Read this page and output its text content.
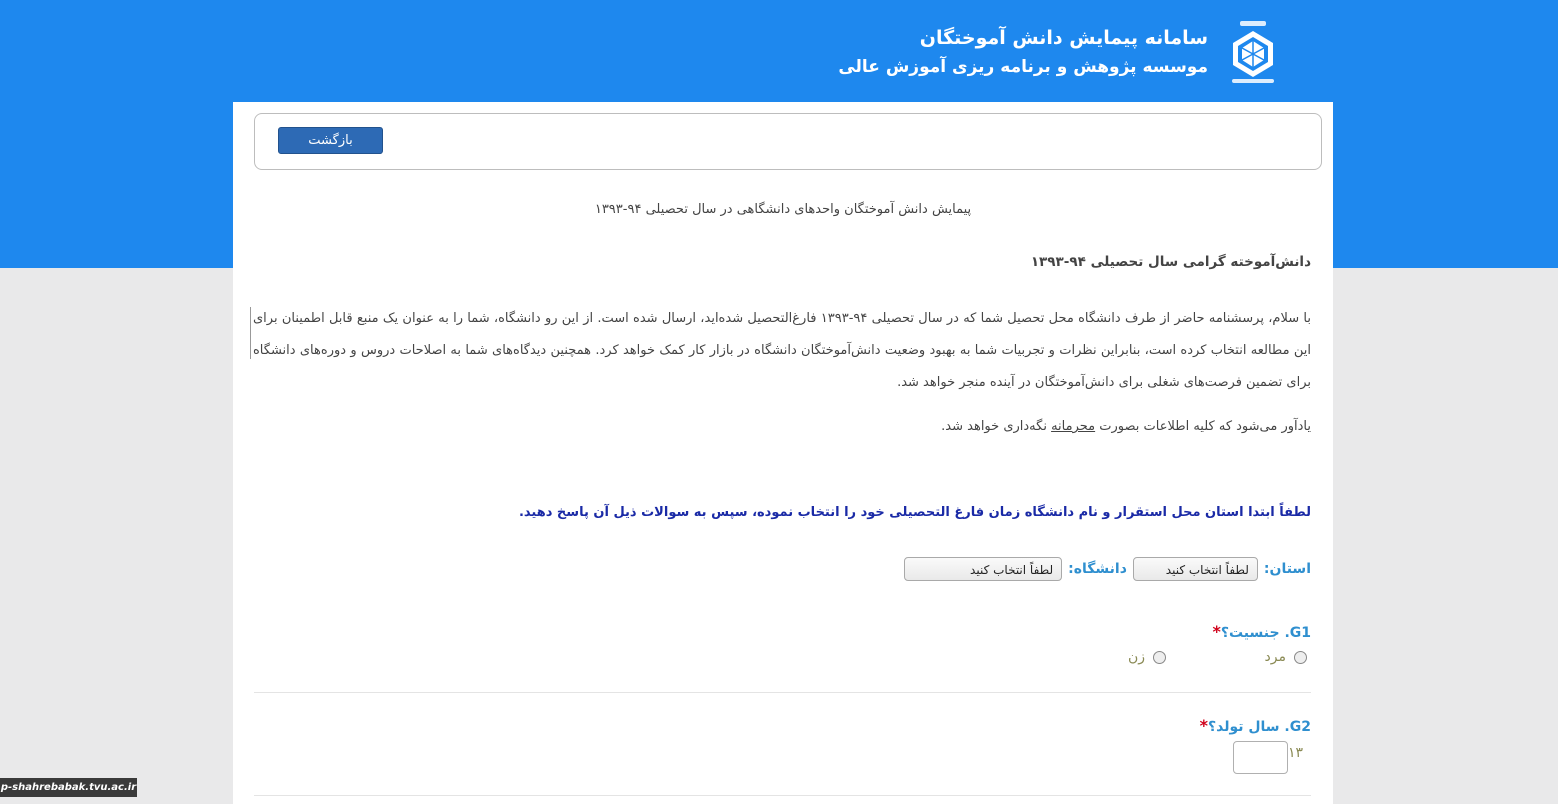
سامانه پیمایش دانش آموختگان
موسسه پژوهش و برنامه ریزی آموزش عالی
بازگشت
پیمایش دانش آموختگان واحدهای دانشگاهی در سال تحصیلی ۹۴-۱۳۹۳
دانش‌آموخته گرامی سال تحصیلی ۹۴-۱۳۹۳
با سلام، پرسشنامه حاضر از طرف دانشگاه محل تحصیل شما که در سال تحصیلی ۹۴-۱۳۹۳ فارغ‌التحصیل شده‌اید، ارسال شده است. از این رو دانشگاه، شما را به عنوان یک منبع قابل اطمینان برای این مطالعه انتخاب کرده است، بنابراین نظرات و تجربیات شما به بهبود وضعیت دانش‌آموختگان دانشگاه در بازار کار کمک خواهد کرد. همچنین دیدگاه‌های شما به اصلاحات دروس و دوره‌های دانشگاه برای تضمین فرصت‌های شغلی برای دانش‌آموختگان در آینده منجر خواهد شد.
یادآور می‌شود که کلیه اطلاعات بصورت محرمانه نگه‌داری خواهد شد.
لطفاً ابتدا استان محل استقرار و نام دانشگاه زمان فارغ التحصیلی خود را انتخاب نموده، سپس به سوالات ذیل آن پاسخ دهید.
استان:
لطفاً انتخاب کنید
دانشگاه:
لطفاً انتخاب کنید
G1. جنسیت؟*
مرد
زن
G2. سال تولد؟*
۱۳
p-shahrebabak.tvu.ac.ir
